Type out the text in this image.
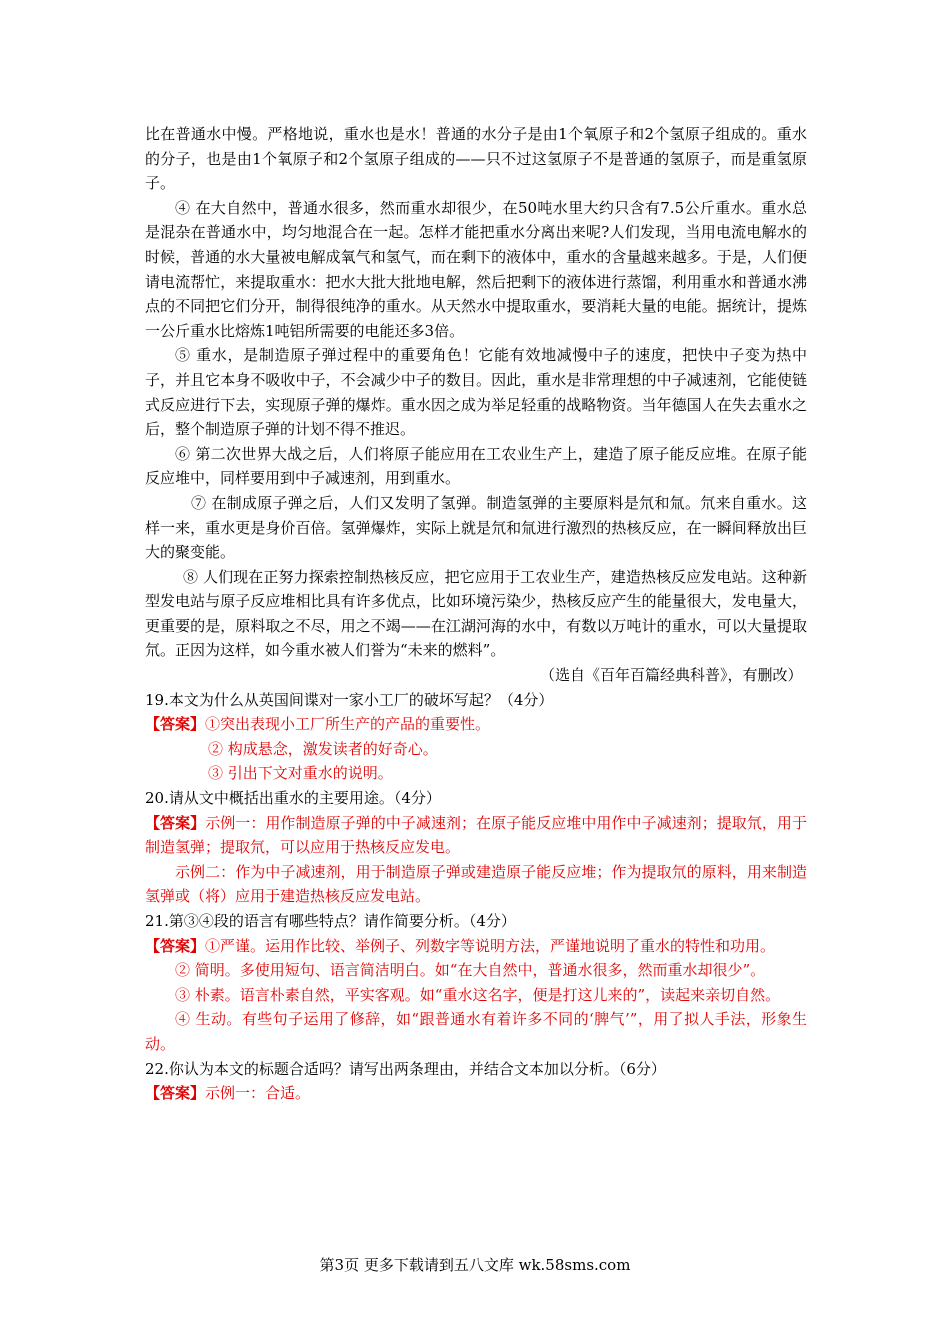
比在普通水中慢。严格地说，重水也是水！普通的水分子是由1个氧原子和2个氢原子组成的。重水的分子，也是由1个氧原子和2个氢原子组成的——只不过这氢原子不是普通的氢原子，而是重氢原子。

④ 在大自然中，普通水很多，然而重水却很少，在50吨水里大约只含有7.5公斤重水。重水总是混杂在普通水中，均匀地混合在一起。怎样才能把重水分离出来呢?人们发现，当用电流电解水的时候，普通的水大量被电解成氧气和氢气，而在剩下的液体中，重水的含量越来越多。于是，人们便请电流帮忙，来提取重水：把水大批大批地电解，然后把剩下的液体进行蒸馏，利用重水和普通水沸点的不同把它们分开，制得很纯净的重水。从天然水中提取重水，要消耗大量的电能。据统计，提炼一公斤重水比熔炼1吨铝所需要的电能还多3倍。

⑤ 重水，是制造原子弹过程中的重要角色！它能有效地减慢中子的速度，把快中子变为热中子，并且它本身不吸收中子，不会减少中子的数目。因此，重水是非常理想的中子减速剂，它能使链式反应进行下去，实现原子弹的爆炸。重水因之成为举足轻重的战略物资。当年德国人在失去重水之后，整个制造原子弹的计划不得不推迟。

⑥ 第二次世界大战之后，人们将原子能应用在工农业生产上，建造了原子能反应堆。在原子能反应堆中，同样要用到中子减速剂，用到重水。

⑦ 在制成原子弹之后，人们又发明了氢弹。制造氢弹的主要原料是氘和氚。氘来自重水。这样一来，重水更是身价百倍。氢弹爆炸，实际上就是氘和氚进行激烈的热核反应，在一瞬间释放出巨大的聚变能。

⑧ 人们现在正努力探索控制热核反应，把它应用于工农业生产，建造热核反应发电站。这种新型发电站与原子反应堆相比具有许多优点，比如环境污染少，热核反应产生的能量很大，发电量大，更重要的是，原料取之不尽，用之不竭——在江湖河海的水中，有数以万吨计的重水，可以大量提取氘。正因为这样，如今重水被人们誉为“未来的燃料”。

（选自《百年百篇经典科普》，有删改）

19.本文为什么从英国间谍对一家小工厂的破坏写起？（4分）

【答案】①突出表现小工厂所生产的产品的重要性。

② 构成悬念，激发读者的好奇心。

③ 引出下文对重水的说明。

20.请从文中概括出重水的主要用途。（4分）

【答案】示例一：用作制造原子弹的中子减速剂；在原子能反应堆中用作中子减速剂；提取氘，用于制造氢弹；提取氘，可以应用于热核反应发电。

示例二：作为中子减速剂，用于制造原子弹或建造原子能反应堆；作为提取氘的原料，用来制造氢弹或（将）应用于建造热核反应发电站。

21.第③④段的语言有哪些特点？请作简要分析。（4分）

【答案】①严谨。运用作比较、举例子、列数字等说明方法，严谨地说明了重水的特性和功用。

② 简明。多使用短句、语言简洁明白。如“在大自然中，普通水很多，然而重水却很少”。

③ 朴素。语言朴素自然，平实客观。如“重水这名字，便是打这儿来的”，读起来亲切自然。

④ 生动。有些句子运用了修辞，如“跟普通水有着许多不同的‘脾气’”，用了拟人手法，形象生动。

22.你认为本文的标题合适吗？请写出两条理由，并结合文本加以分析。（6分）

【答案】示例一：合适。

第3页 更多下载请到五八文库 wk.58sms.com
